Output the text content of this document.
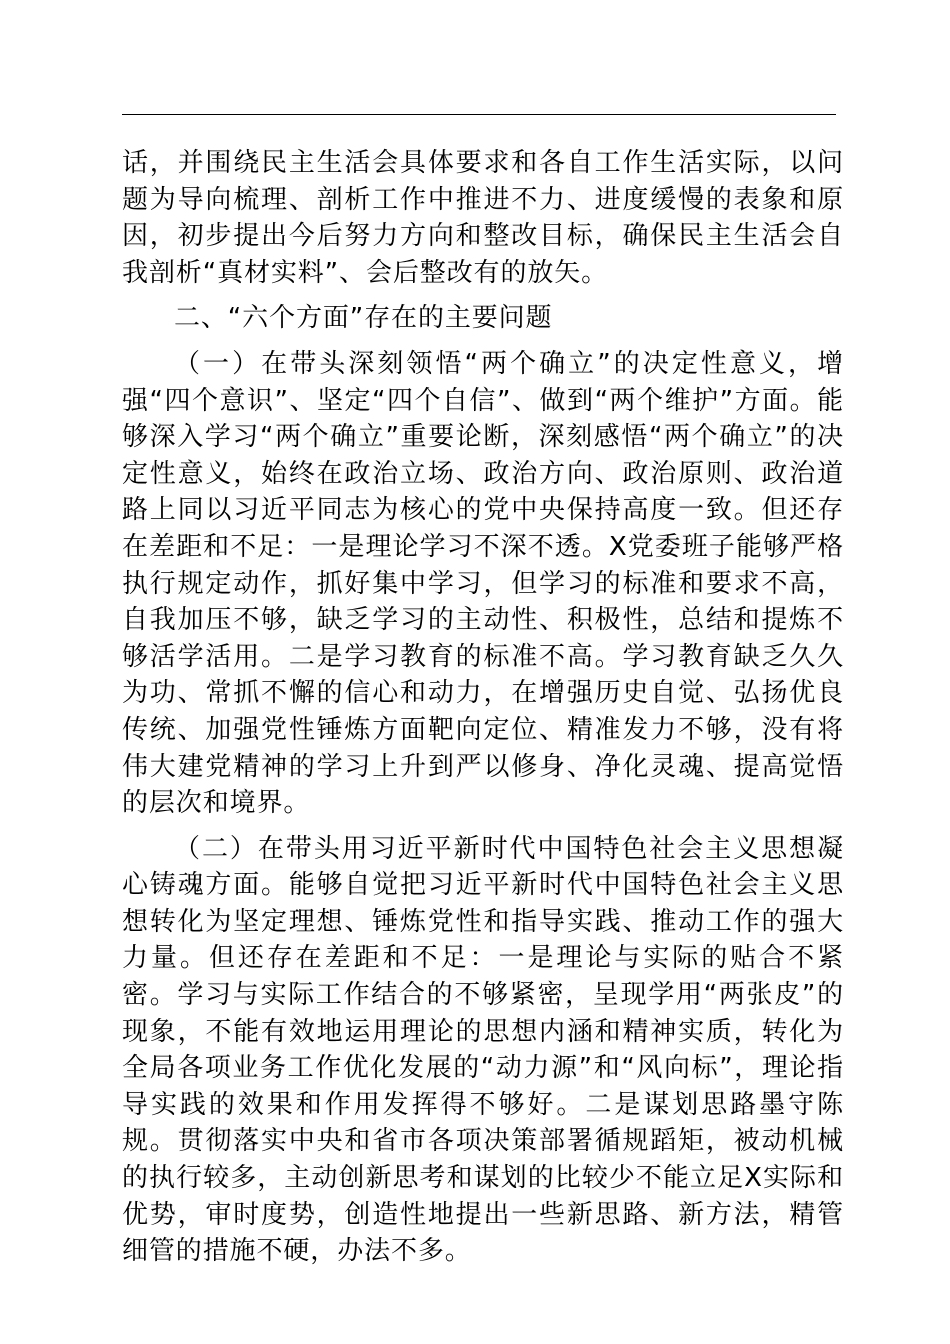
话，并围绕民主生活会具体要求和各自工作生活实际，以问题为导向梳理、剖析工作中推进不力、进度缓慢的表象和原因，初步提出今后努力方向和整改目标，确保民主生活会自我剖析“真材实料”、会后整改有的放矢。

二、“六个方面”存在的主要问题

（一）在带头深刻领悟“两个确立”的决定性意义，增强“四个意识”、坚定“四个自信”、做到“两个维护”方面。能够深入学习“两个确立”重要论断，深刻感悟“两个确立”的决定性意义，始终在政治立场、政治方向、政治原则、政治道路上同以习近平同志为核心的党中央保持高度一致。但还存在差距和不足：一是理论学习不深不透。X党委班子能够严格执行规定动作，抓好集中学习，但学习的标准和要求不高，自我加压不够，缺乏学习的主动性、积极性，总结和提炼不够活学活用。二是学习教育的标准不高。学习教育缺乏久久为功、常抓不懈的信心和动力，在增强历史自觉、弘扬优良传统、加强党性锤炼方面靶向定位、精准发力不够，没有将伟大建党精神的学习上升到严以修身、净化灵魂、提高觉悟的层次和境界。

（二）在带头用习近平新时代中国特色社会主义思想凝心铸魂方面。能够自觉把习近平新时代中国特色社会主义思想转化为坚定理想、锤炼党性和指导实践、推动工作的强大力量。但还存在差距和不足：一是理论与实际的贴合不紧密。学习与实际工作结合的不够紧密，呈现学用“两张皮”的现象，不能有效地运用理论的思想内涵和精神实质，转化为全局各项业务工作优化发展的“动力源”和“风向标”，理论指导实践的效果和作用发挥得不够好。二是谋划思路墨守陈规。贯彻落实中央和省市各项决策部署循规蹈矩，被动机械的执行较多，主动创新思考和谋划的比较少不能立足X实际和优势，审时度势，创造性地提出一些新思路、新方法，精管细管的措施不硬，办法不多。
